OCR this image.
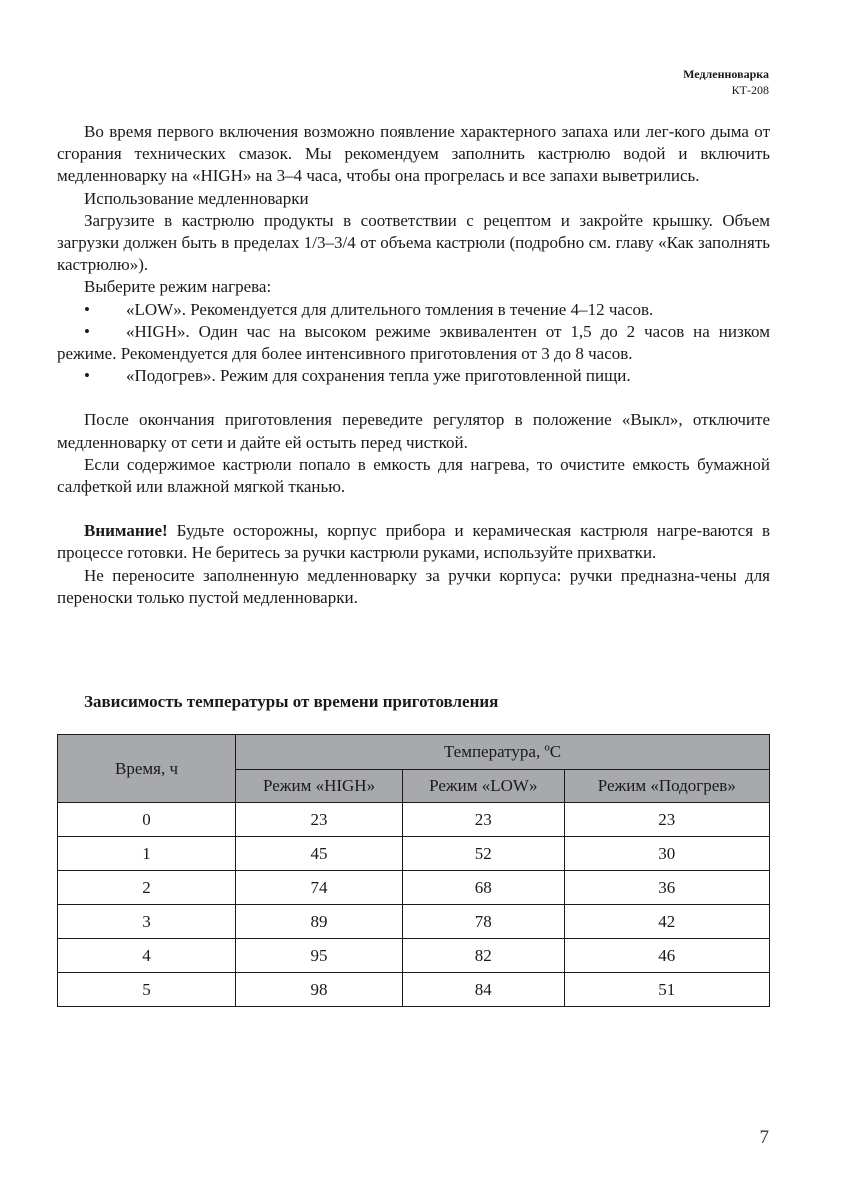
Медленноварка
КТ-208

Во время первого включения возможно появление характерного запаха или лег-кого дыма от сгорания технических смазок. Мы рекомендуем заполнить кастрюлю водой и включить медленноварку на «HIGH» на 3–4 часа, чтобы она прогрелась и все запахи выветрились.

Использование медленноварки

Загрузите в кастрюлю продукты в соответствии с рецептом и закройте крышку. Объем загрузки должен быть в пределах 1/3–3/4 от объема кастрюли (подробно см. главу «Как заполнять кастрюлю»).

Выберите режим нагрева:

• «LOW». Рекомендуется для длительного томления в течение 4–12 часов.

• «HIGH». Один час на высоком режиме эквивалентен от 1,5 до 2 часов на низком режиме. Рекомендуется для более интенсивного приготовления от 3 до 8 часов.

• «Подогрев». Режим для сохранения тепла уже приготовленной пищи.

После окончания приготовления переведите регулятор в положение «Выкл», отключите медленноварку от сети и дайте ей остыть перед чисткой.

Если содержимое кастрюли попало в емкость для нагрева, то очистите емкость бумажной салфеткой или влажной мягкой тканью.

Внимание! Будьте осторожны, корпус прибора и керамическая кастрюля нагре-ваются в процессе готовки. Не беритесь за ручки кастрюли руками, используйте прихватки.

Не переносите заполненную медленноварку за ручки корпуса: ручки предназна-чены для переноски только пустой медленноварки.

Зависимость температуры от времени приготовления
Время, ч	Температура, ºС		
	Режим «HIGH»	Режим «LOW»	Режим «Подогрев»
0	23	23	23
1	45	52	30
2	74	68	36
3	89	78	42
4	95	82	46
5	98	84	51
7
